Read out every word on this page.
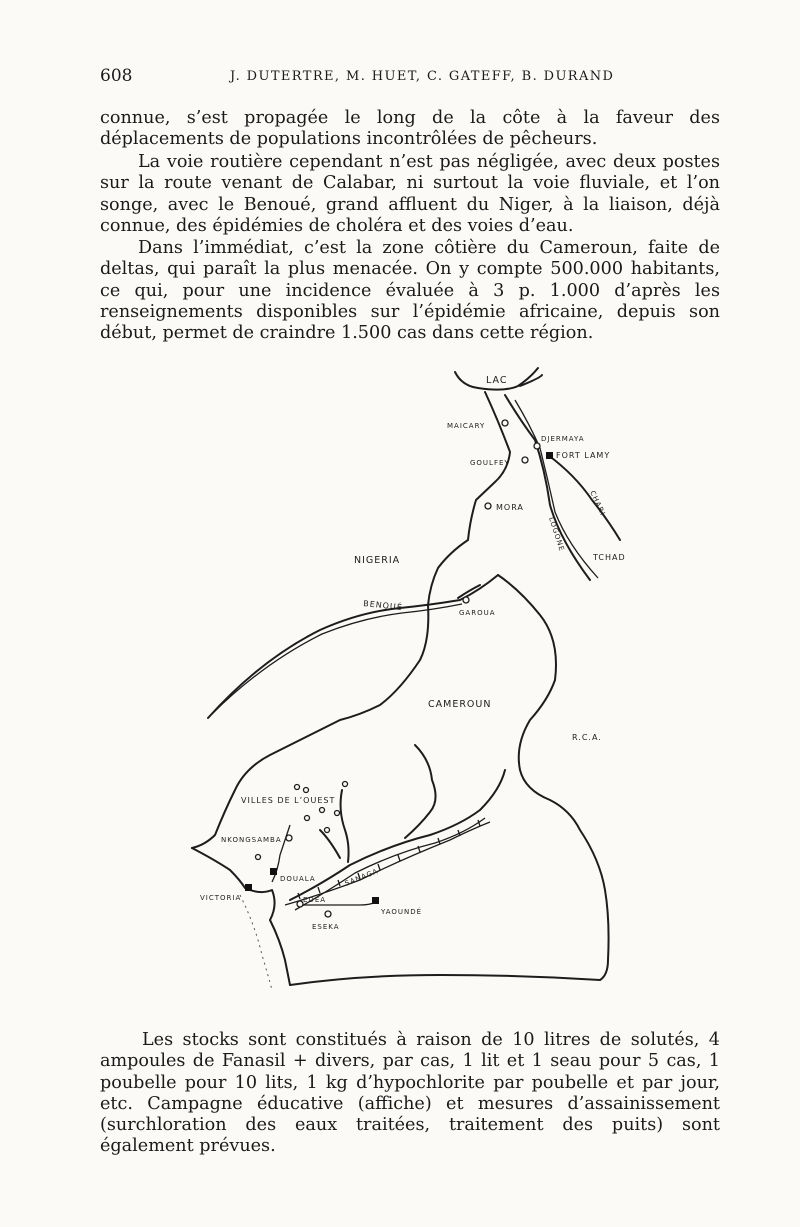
608	J. DUTERTRE, M. HUET, C. GATEFF, B. DURAND

connue, s’est propagée le long de la côte à la faveur des déplacements de populations incontrôlées de pêcheurs.

La voie routière cependant n’est pas négligée, avec deux postes sur la route venant de Calabar, ni surtout la voie fluviale, et l’on songe, avec le Benoué, grand affluent du Niger, à la liaison, déjà connue, des épidémies de choléra et des voies d’eau.

Dans l’immédiat, c’est la zone côtière du Cameroun, faite de deltas, qui paraît la plus menacée. On y compte 500.000 habitants, ce qui, pour une incidence évaluée à 3 p. 1.000 d’après les renseignements disponibles sur l’épidémie africaine, depuis son début, permet de craindre 1.500 cas dans cette région.

LAC
MAICARY
DJERMAYA
FORT LAMY
GOULFEY
MORA	CHARI
LOGONE
NIGERIA	TCHAD
BENOUÉ
GAROUA
CAMEROUN
R.C.A.
VILLES DE L’OUEST
NKONGSAMBA
DOUALA	SANAGA
VICTORIA	EDEA
YAOUNDÉ
ESEKA

Les stocks sont constitués à raison de 10 litres de solutés, 4 ampoules de Fanasil + divers, par cas, 1 lit et 1 seau pour 5 cas, 1 poubelle pour 10 lits, 1 kg d’hypochlorite par poubelle et par jour, etc. Campagne éducative (affiche) et mesures d’assainissement (surchloration des eaux traitées, traitement des puits) sont également prévues.
